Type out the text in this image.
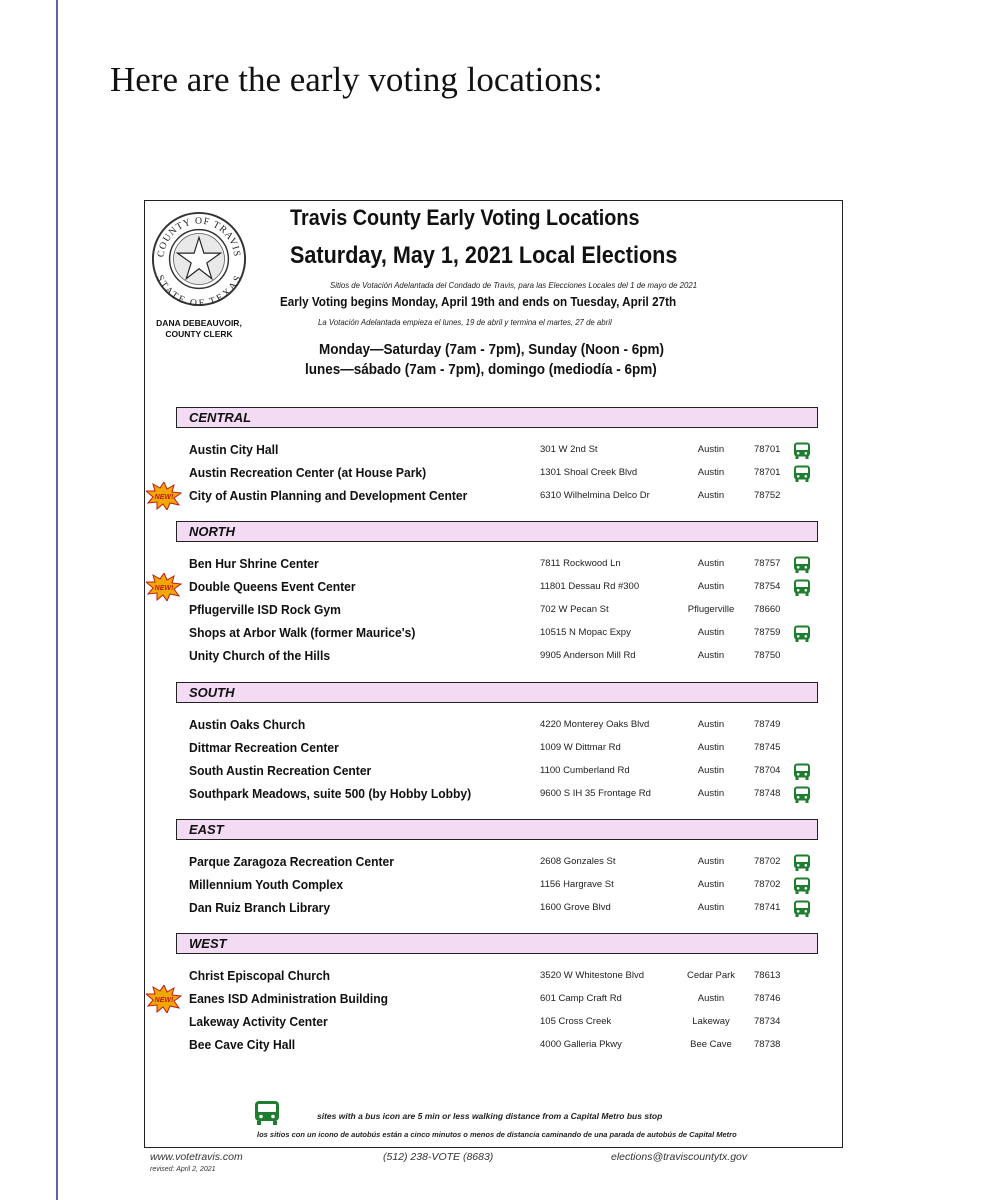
Here are the early voting locations:
COUNTY OF TRAVIS
STATE OF TEXAS
DANA DEBEAUVOIR,
COUNTY CLERK
Travis County Early Voting Locations
Saturday, May 1, 2021 Local Elections
Sitios de Votación Adelantada del Condado de Travis, para las Elecciones Locales del 1 de mayo de 2021
Early Voting begins Monday, April 19th and ends on Tuesday, April 27th
La Votación Adelantada empieza el lunes, 19 de abril y termina el martes, 27 de abril
Monday—Saturday (7am - 7pm), Sunday (Noon - 6pm)
lunes—sábado (7am - 7pm), domingo (mediodía - 6pm)
CENTRAL
Austin City Hall	301 W 2nd St	Austin	78701
Austin Recreation Center (at House Park)	1301 Shoal Creek Blvd	Austin	78701
City of Austin Planning and Development Center	6310 Wilhelmina Delco Dr	Austin	78752
NEW!
NORTH
Ben Hur Shrine Center	7811 Rockwood Ln	Austin	78757
Double Queens Event Center	11801 Dessau Rd #300	Austin	78754
NEW!
Pflugerville ISD Rock Gym	702 W Pecan St	Pflugerville	78660
Shops at Arbor Walk (former Maurice's)	10515 N Mopac Expy	Austin	78759
Unity Church of the Hills	9905 Anderson Mill Rd	Austin	78750
SOUTH
Austin Oaks Church	4220 Monterey Oaks Blvd	Austin	78749
Dittmar Recreation Center	1009 W Dittmar Rd	Austin	78745
South Austin Recreation Center	1100 Cumberland Rd	Austin	78704
Southpark Meadows, suite 500 (by Hobby Lobby)	9600 S IH 35 Frontage Rd	Austin	78748
EAST
Parque Zaragoza Recreation Center	2608 Gonzales St	Austin	78702
Millennium Youth Complex	1156 Hargrave St	Austin	78702
Dan Ruiz Branch Library	1600 Grove Blvd	Austin	78741
WEST
Christ Episcopal Church	3520 W Whitestone Blvd	Cedar Park	78613
Eanes ISD Administration Building	601 Camp Craft Rd	Austin	78746
NEW!
Lakeway Activity Center	105 Cross Creek	Lakeway	78734
Bee Cave City Hall	4000 Galleria Pkwy	Bee Cave	78738
sites with a bus icon are 5 min or less walking distance from a Capital Metro bus stop
los sitios con un icono de autobús están a cinco minutos o menos de distancia caminando de una parada de autobús de Capital Metro
www.votetravis.com
revised: April 2, 2021
(512) 238-VOTE (8683)	elections@traviscountytx.gov
